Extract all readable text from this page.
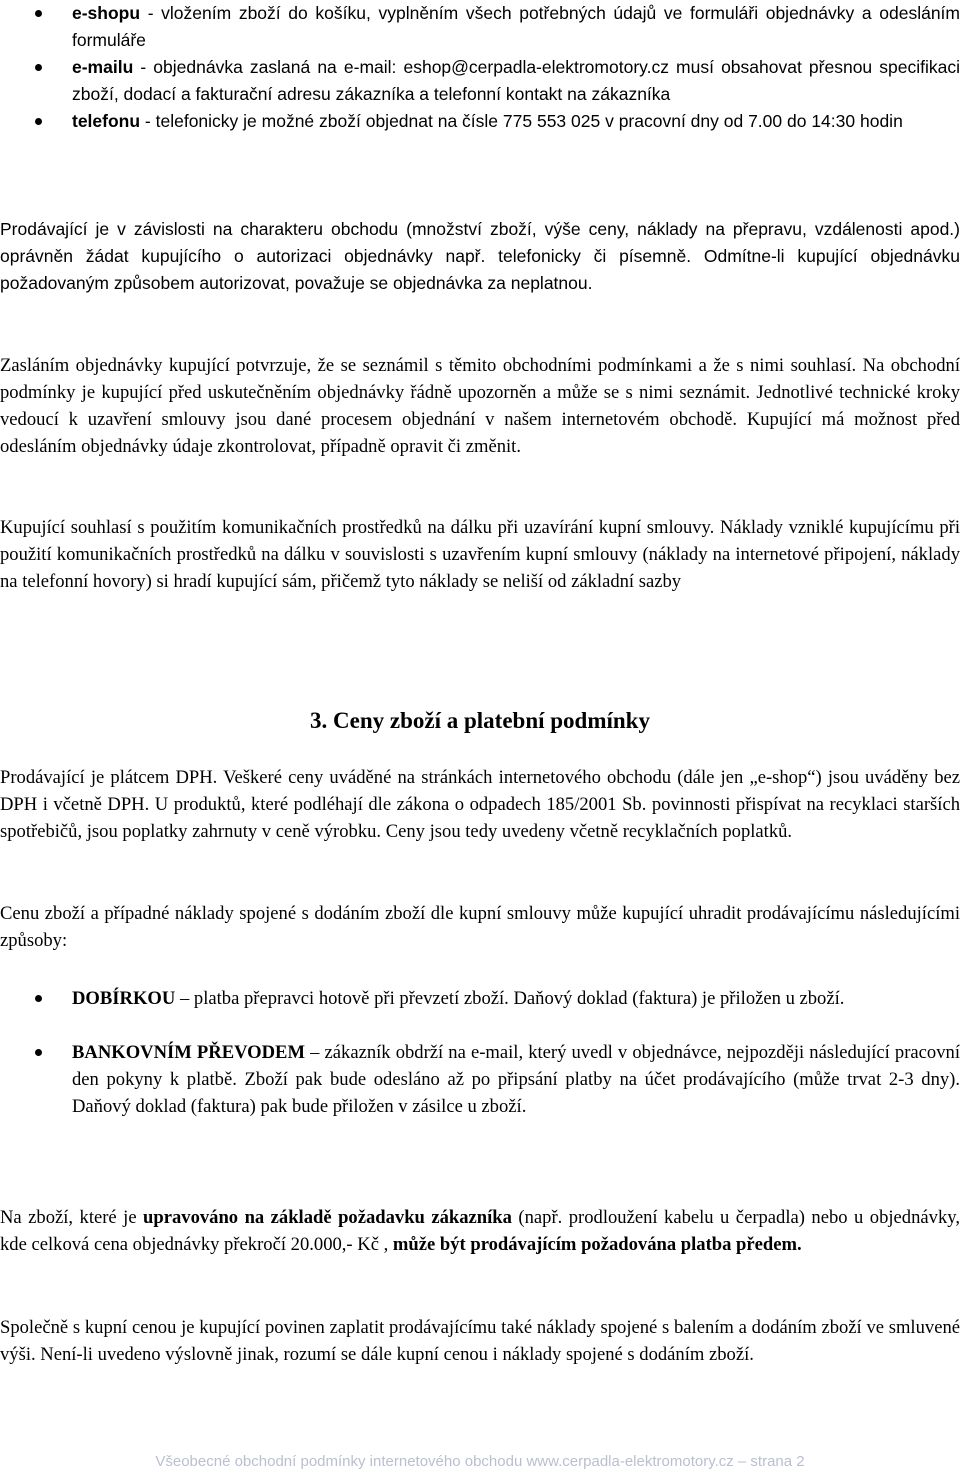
e-shopu - vložením zboží do košíku, vyplněním všech potřebných údajů ve formuláři objednávky a odesláním formuláře
e-mailu - objednávka zaslaná na e-mail: eshop@cerpadla-elektromotory.cz musí obsahovat přesnou specifikaci zboží, dodací a fakturační adresu zákazníka a telefonní kontakt na zákazníka
telefonu - telefonicky je možné zboží objednat na čísle 775 553 025 v pracovní dny od 7.00 do 14:30 hodin

Prodávající je v závislosti na charakteru obchodu (množství zboží, výše ceny, náklady na přepravu, vzdálenosti apod.) oprávněn žádat kupujícího o autorizaci objednávky např. telefonicky či písemně. Odmítne-li kupující objednávku požadovaným způsobem autorizovat, považuje se objednávka za neplatnou.

Zasláním objednávky kupující potvrzuje, že se seznámil s těmito obchodními podmínkami a že s nimi souhlasí. Na obchodní podmínky je kupující před uskutečněním objednávky řádně upozorněn a může se s nimi seznámit. Jednotlivé technické kroky vedoucí k uzavření smlouvy jsou dané procesem objednání v našem internetovém obchodě. Kupující má možnost před odesláním objednávky údaje zkontrolovat, případně opravit či změnit.

Kupující souhlasí s použitím komunikačních prostředků na dálku při uzavírání kupní smlouvy. Náklady vzniklé kupujícímu při použití komunikačních prostředků na dálku v souvislosti s uzavřením kupní smlouvy (náklady na internetové připojení, náklady na telefonní hovory) si hradí kupující sám, přičemž tyto náklady se neliší od základní sazby

3. Ceny zboží a platební podmínky

Prodávající je plátcem DPH. Veškeré ceny uváděné na stránkách internetového obchodu (dále jen „e-shop“) jsou uváděny bez DPH i včetně DPH. U produktů, které podléhají dle zákona o odpadech 185/2001 Sb. povinnosti přispívat na recyklaci starších spotřebičů, jsou poplatky zahrnuty v ceně výrobku. Ceny jsou tedy uvedeny včetně recyklačních poplatků.

Cenu zboží a případné náklady spojené s dodáním zboží dle kupní smlouvy může kupující uhradit prodávajícímu následujícími způsoby:

DOBÍRKOU – platba přepravci hotově při převzetí zboží. Daňový doklad (faktura) je přiložen u zboží.
BANKOVNÍM PŘEVODEM – zákazník obdrží na e-mail, který uvedl v objednávce, nejpozději následující pracovní den pokyny k platbě. Zboží pak bude odesláno až po připsání platby na účet prodávajícího (může trvat 2-3 dny). Daňový doklad (faktura) pak bude přiložen v zásilce u zboží.

Na zboží, které je upravováno na základě požadavku zákazníka (např. prodloužení kabelu u čerpadla) nebo u objednávky, kde celková cena objednávky překročí 20.000,- Kč , může být prodávajícím požadována platba předem.

Společně s kupní cenou je kupující povinen zaplatit prodávajícímu také náklady spojené s balením a dodáním zboží ve smluvené výši. Není-li uvedeno výslovně jinak, rozumí se dále kupní cenou i náklady spojené s dodáním zboží.

Všeobecné obchodní podmínky internetového obchodu www.cerpadla-elektromotory.cz – strana 2
